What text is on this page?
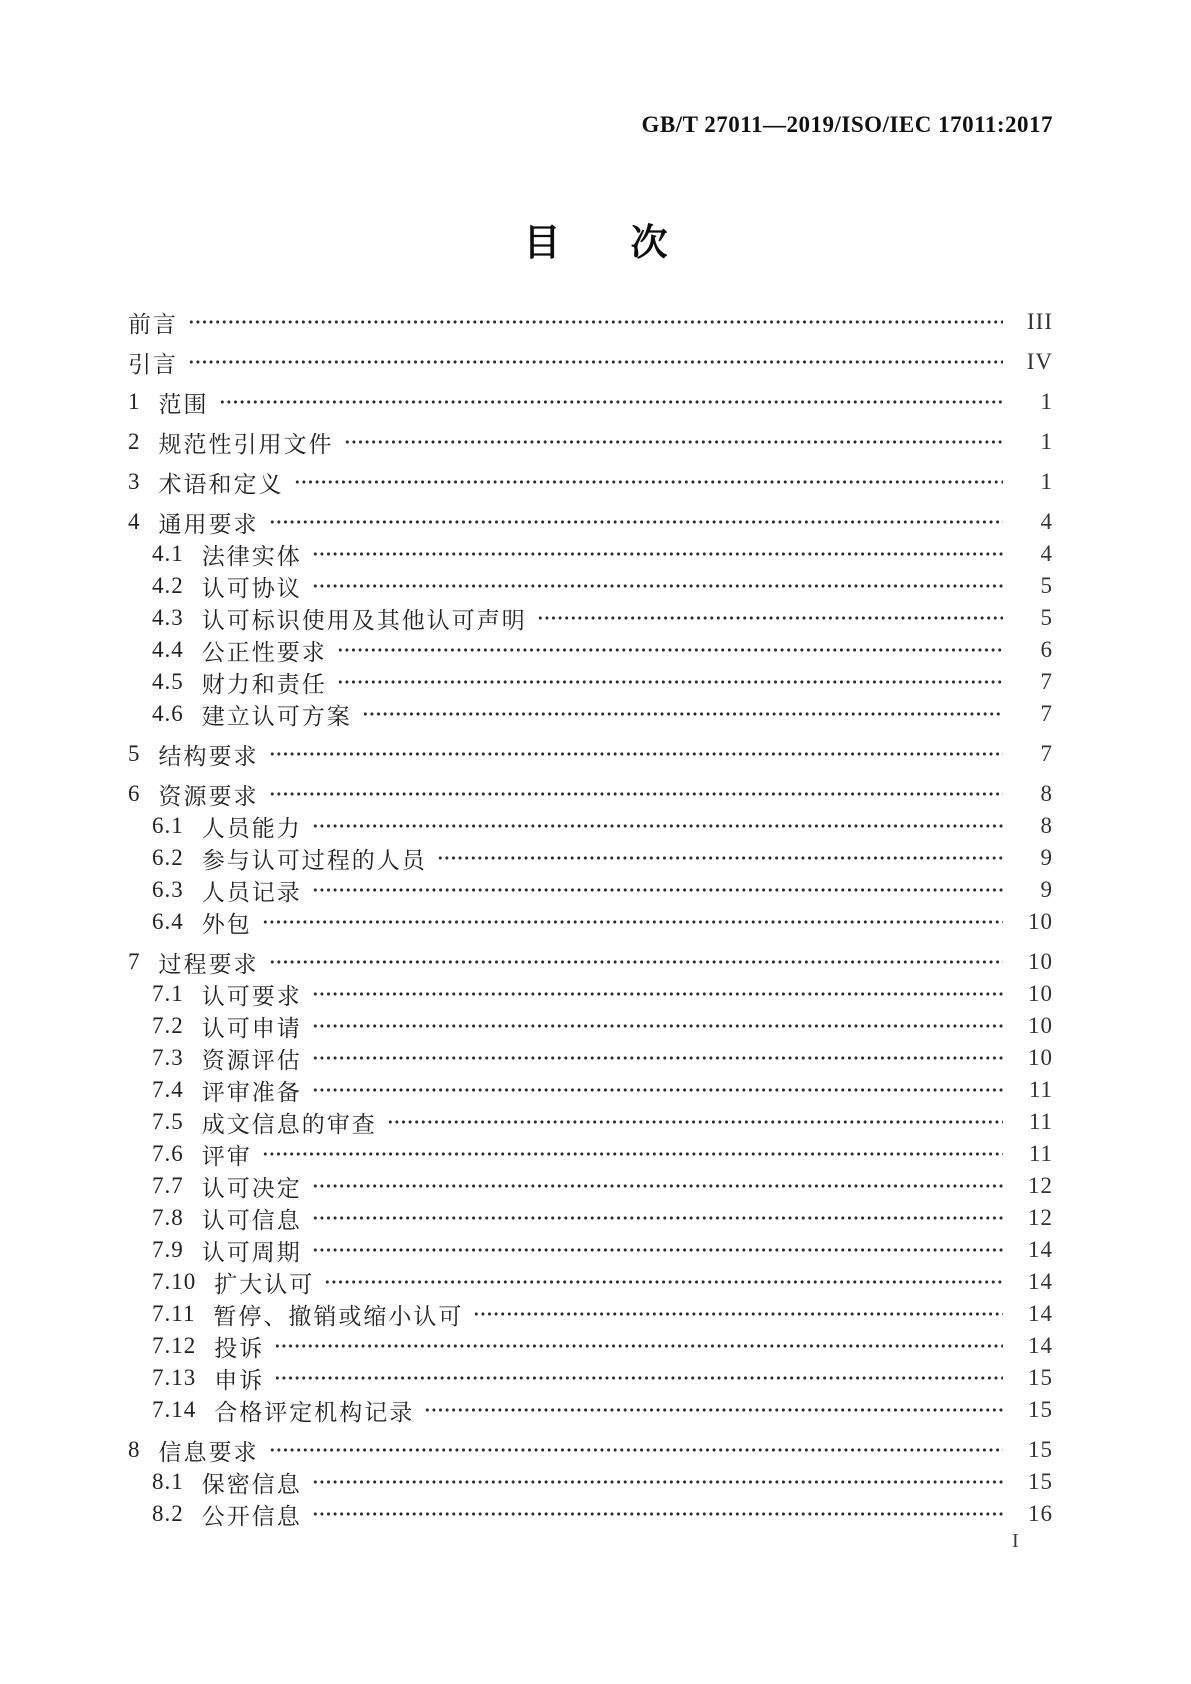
GB/T 27011—2019/ISO/IEC 17011:2017
目 次
前言	III
引言	IV
1 范围	1
2 规范性引用文件	1
3 术语和定义	1
4 通用要求	4
4.1 法律实体	4
4.2 认可协议	5
4.3 认可标识使用及其他认可声明	5
4.4 公正性要求	6
4.5 财力和责任	7
4.6 建立认可方案	7
5 结构要求	7
6 资源要求	8
6.1 人员能力	8
6.2 参与认可过程的人员	9
6.3 人员记录	9
6.4 外包	10
7 过程要求	10
7.1 认可要求	10
7.2 认可申请	10
7.3 资源评估	10
7.4 评审准备	11
7.5 成文信息的审查	11
7.6 评审	11
7.7 认可决定	12
7.8 认可信息	12
7.9 认可周期	14
7.10 扩大认可	14
7.11 暂停、撤销或缩小认可	14
7.12 投诉	14
7.13 申诉	15
7.14 合格评定机构记录	15
8 信息要求	15
8.1 保密信息	15
8.2 公开信息	16
I
